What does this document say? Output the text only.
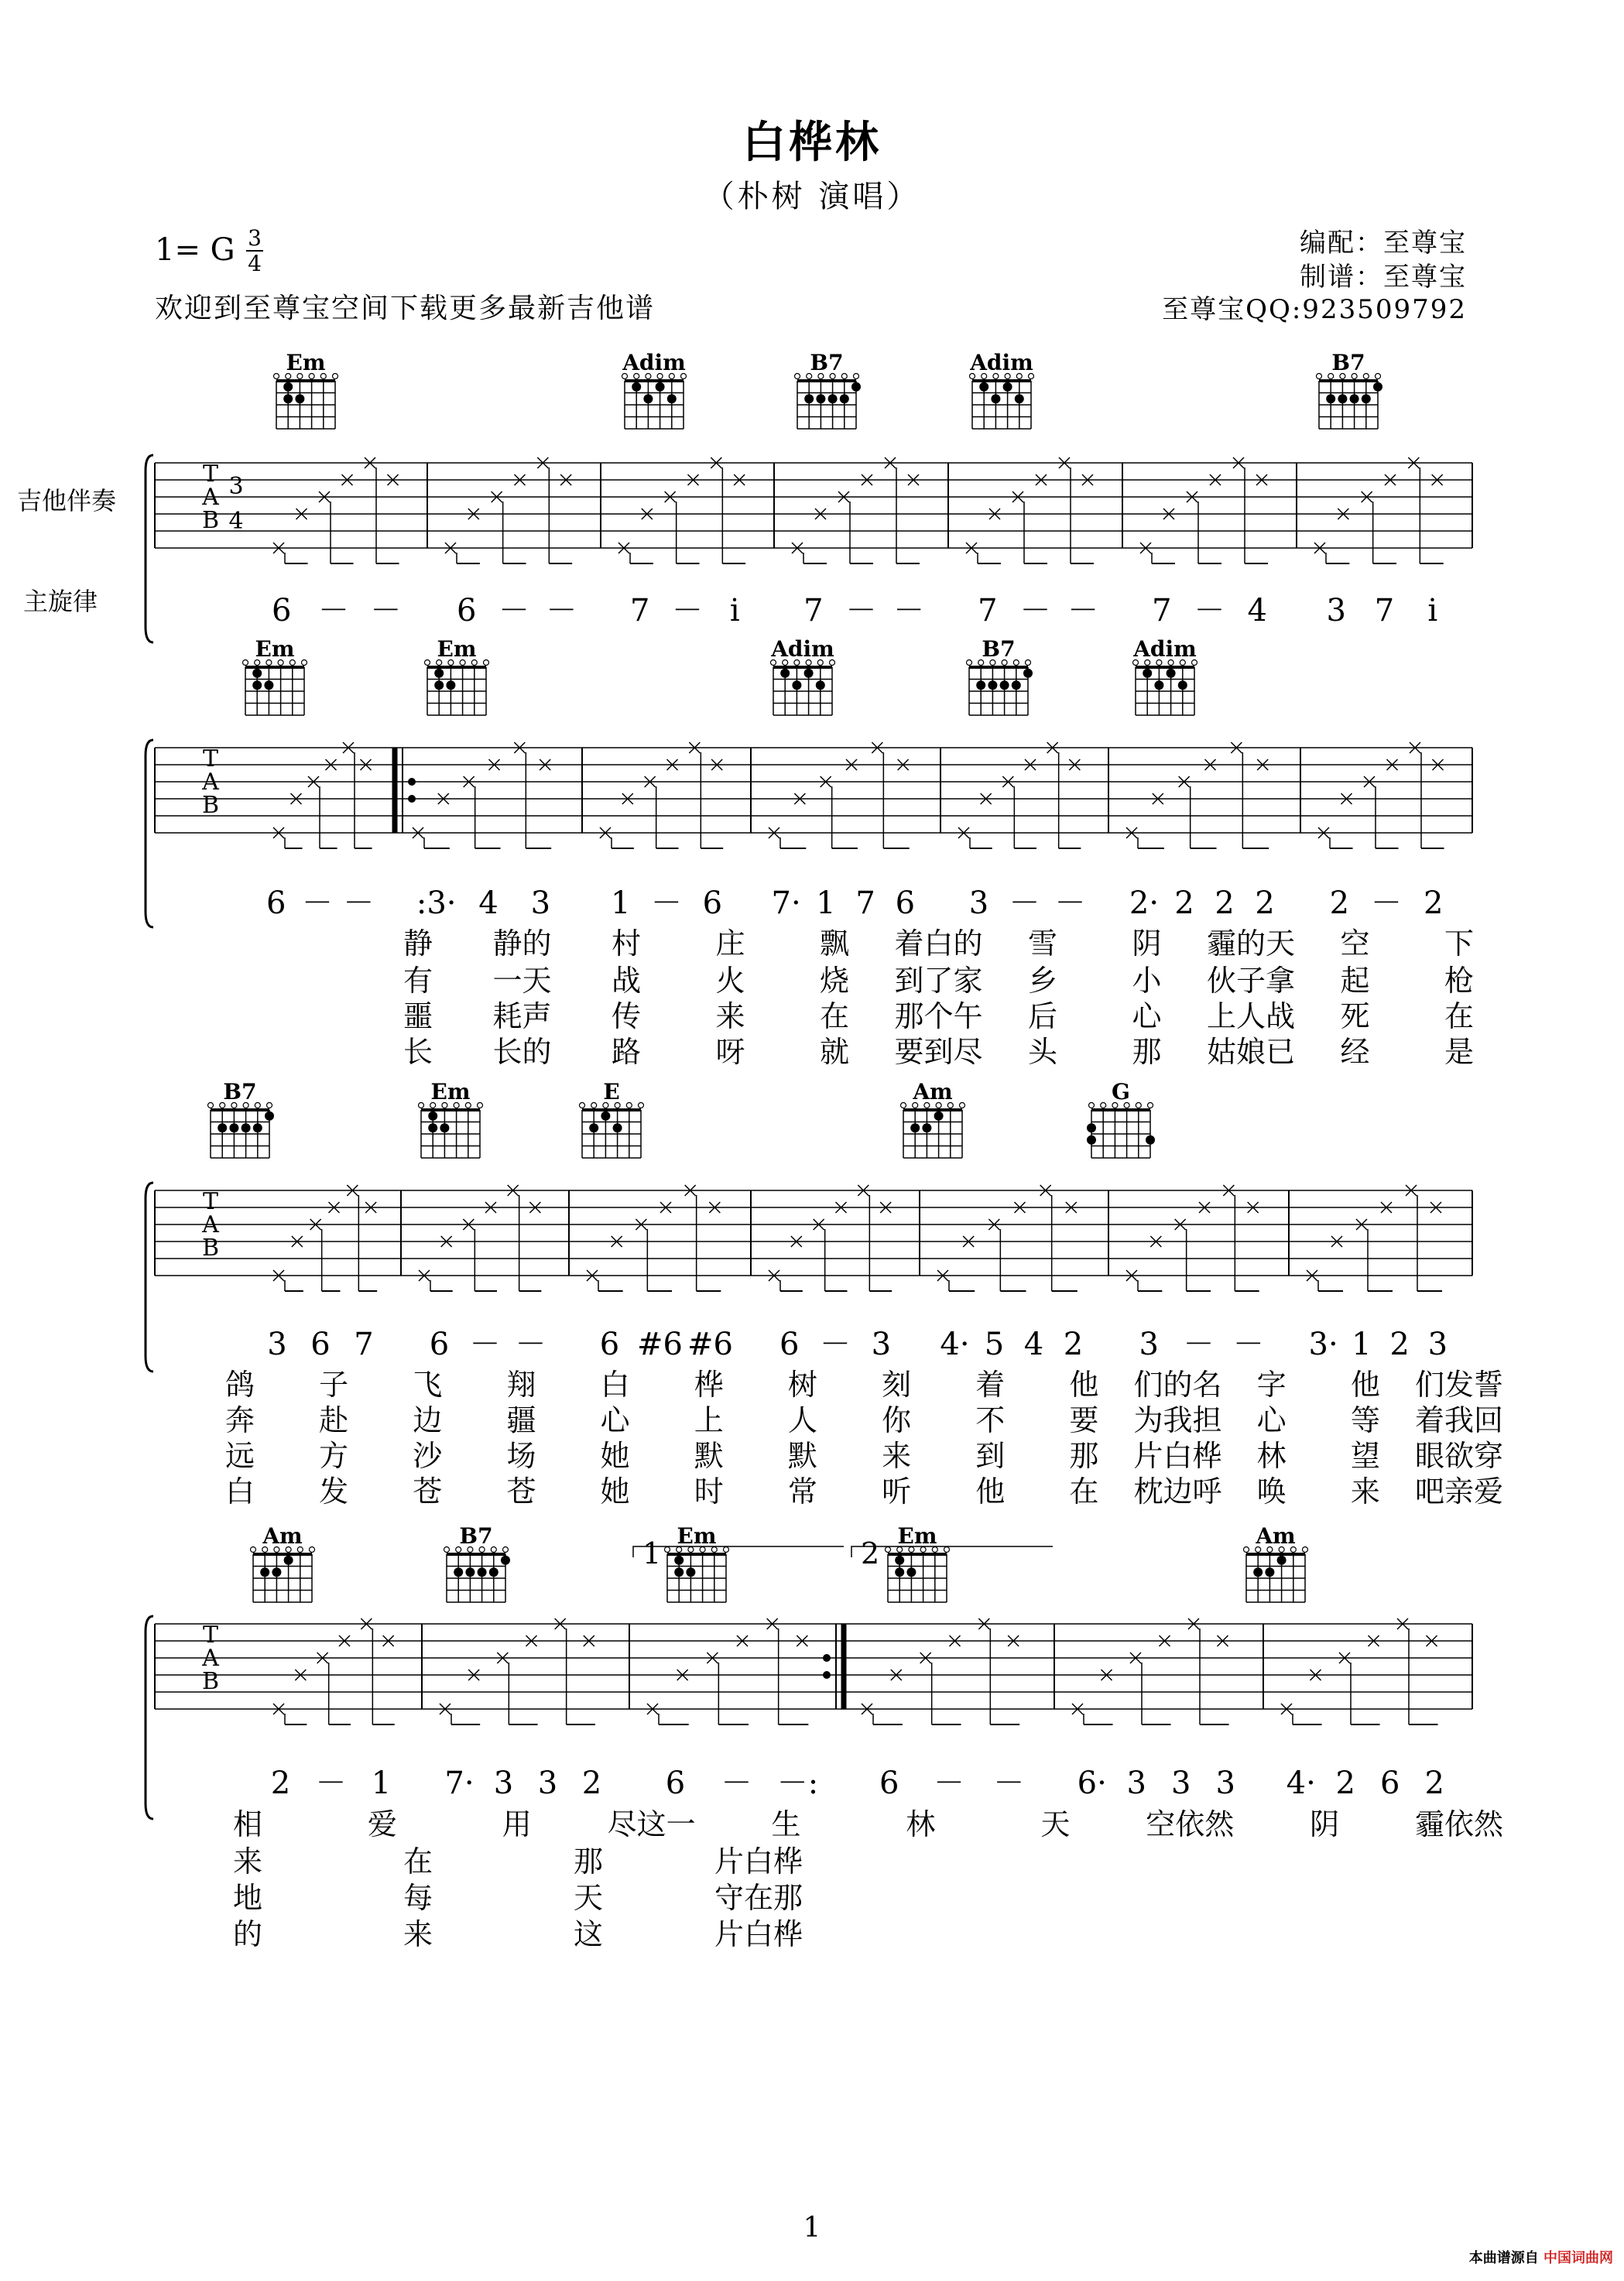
白桦林
（朴树 演唱）
1= G 3
4
欢迎到至尊宝空间下载更多最新吉他谱
编配：至尊宝
制谱：至尊宝
至尊宝QQ:923509792
吉他伴奏
主旋律
T
A
B
3
4
Em	Adim	B7	Adim	B7
6 － － 6 － － 7 － i 7 － － 7 － － 7 － 4 3 7 i
T
A
B
Em	Em	Adim	B7	Adim
6 － － :3· 4 3 1 － 6 7· 1 7 6 3 － － 2· 2 2 2 2 － 2
静 静的 村	庄	飘 着白的 雪	阴 霾的天 空	下
有 一天 战	火	烧 到了家 乡	小 伙子拿 起	枪
噩 耗声 传	来	在 那个午 后	心 上人战 死	在
长 长的 路	呀	就 要到尽 头	那 姑娘已 经	是
T
A
B
B7	Em	E	Am	G
3 6 7 6 － － 6 #6 #6 6 － 3 4· 5 4 2 3 － － 3· 1 2 3
1	2
鸽 子 飞 翔 白 桦 树 刻 着 他 们的名 字 他 们发誓
奔 赴 边 疆 心 上 人 你 不 要 为我担 心 等 着我回
远 方 沙 场 她 默 默 来 到 那 片白桦 林 望 眼欲穿
白 发 苍 苍 她 时 常 听 他 在 枕边呼 唤 来 吧亲爱
T
A
B
Am	B7	Em	Em	Am
2 － 1 7· 3 3 2 6 － －: 6 － － 6· 3 3 3 4· 2 6 2
相	爱	用	尽这一	生	林	天	空依然	阴	霾依然
来	在	那	片白桦
地	每	天	守在那
的	来	这	片白桦
1
本曲谱源自 中国词曲网
